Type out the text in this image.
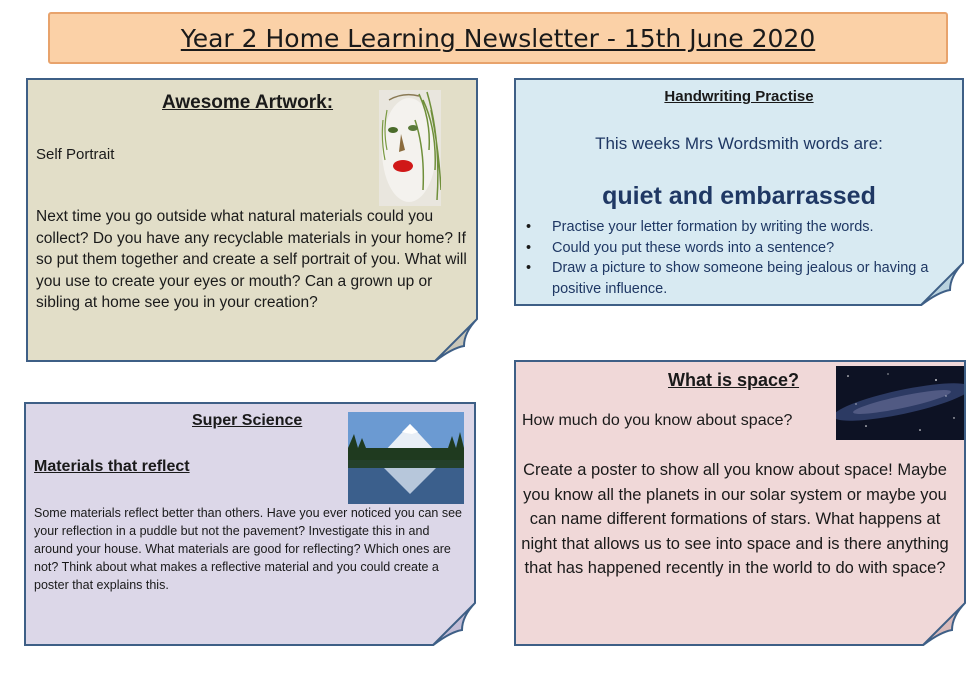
Year 2 Home Learning Newsletter - 15th June 2020
Awesome Artwork:
Self Portrait
Next time you go outside what natural materials could you collect? Do you have any recyclable materials in your home? If so put them together and create a self portrait of you. What will you use to create your eyes or mouth? Can a grown up or sibling at home see you in your creation?
Handwriting Practise
This weeks Mrs Wordsmith words are:
quiet and embarrassed
• Practise your letter formation by writing the words.
• Could you put these words into a sentence?
• Draw a picture to show someone being jealous or having a positive influence.
Super Science
Materials that reflect
Some materials reflect better than others. Have you ever noticed you can see your reflection in a puddle but not the pavement? Investigate this in and around your house. What materials are good for reflecting? Which ones are not? Think about what makes a reflective material and you could create a poster that explains this.
What is space?
How much do you know about space?
Create a poster to show all you know about space! Maybe you know all the planets in our solar system or maybe you can name different formations of stars. What happens at night that allows us to see into space and is there anything that has happened recently in the world to do with space?
